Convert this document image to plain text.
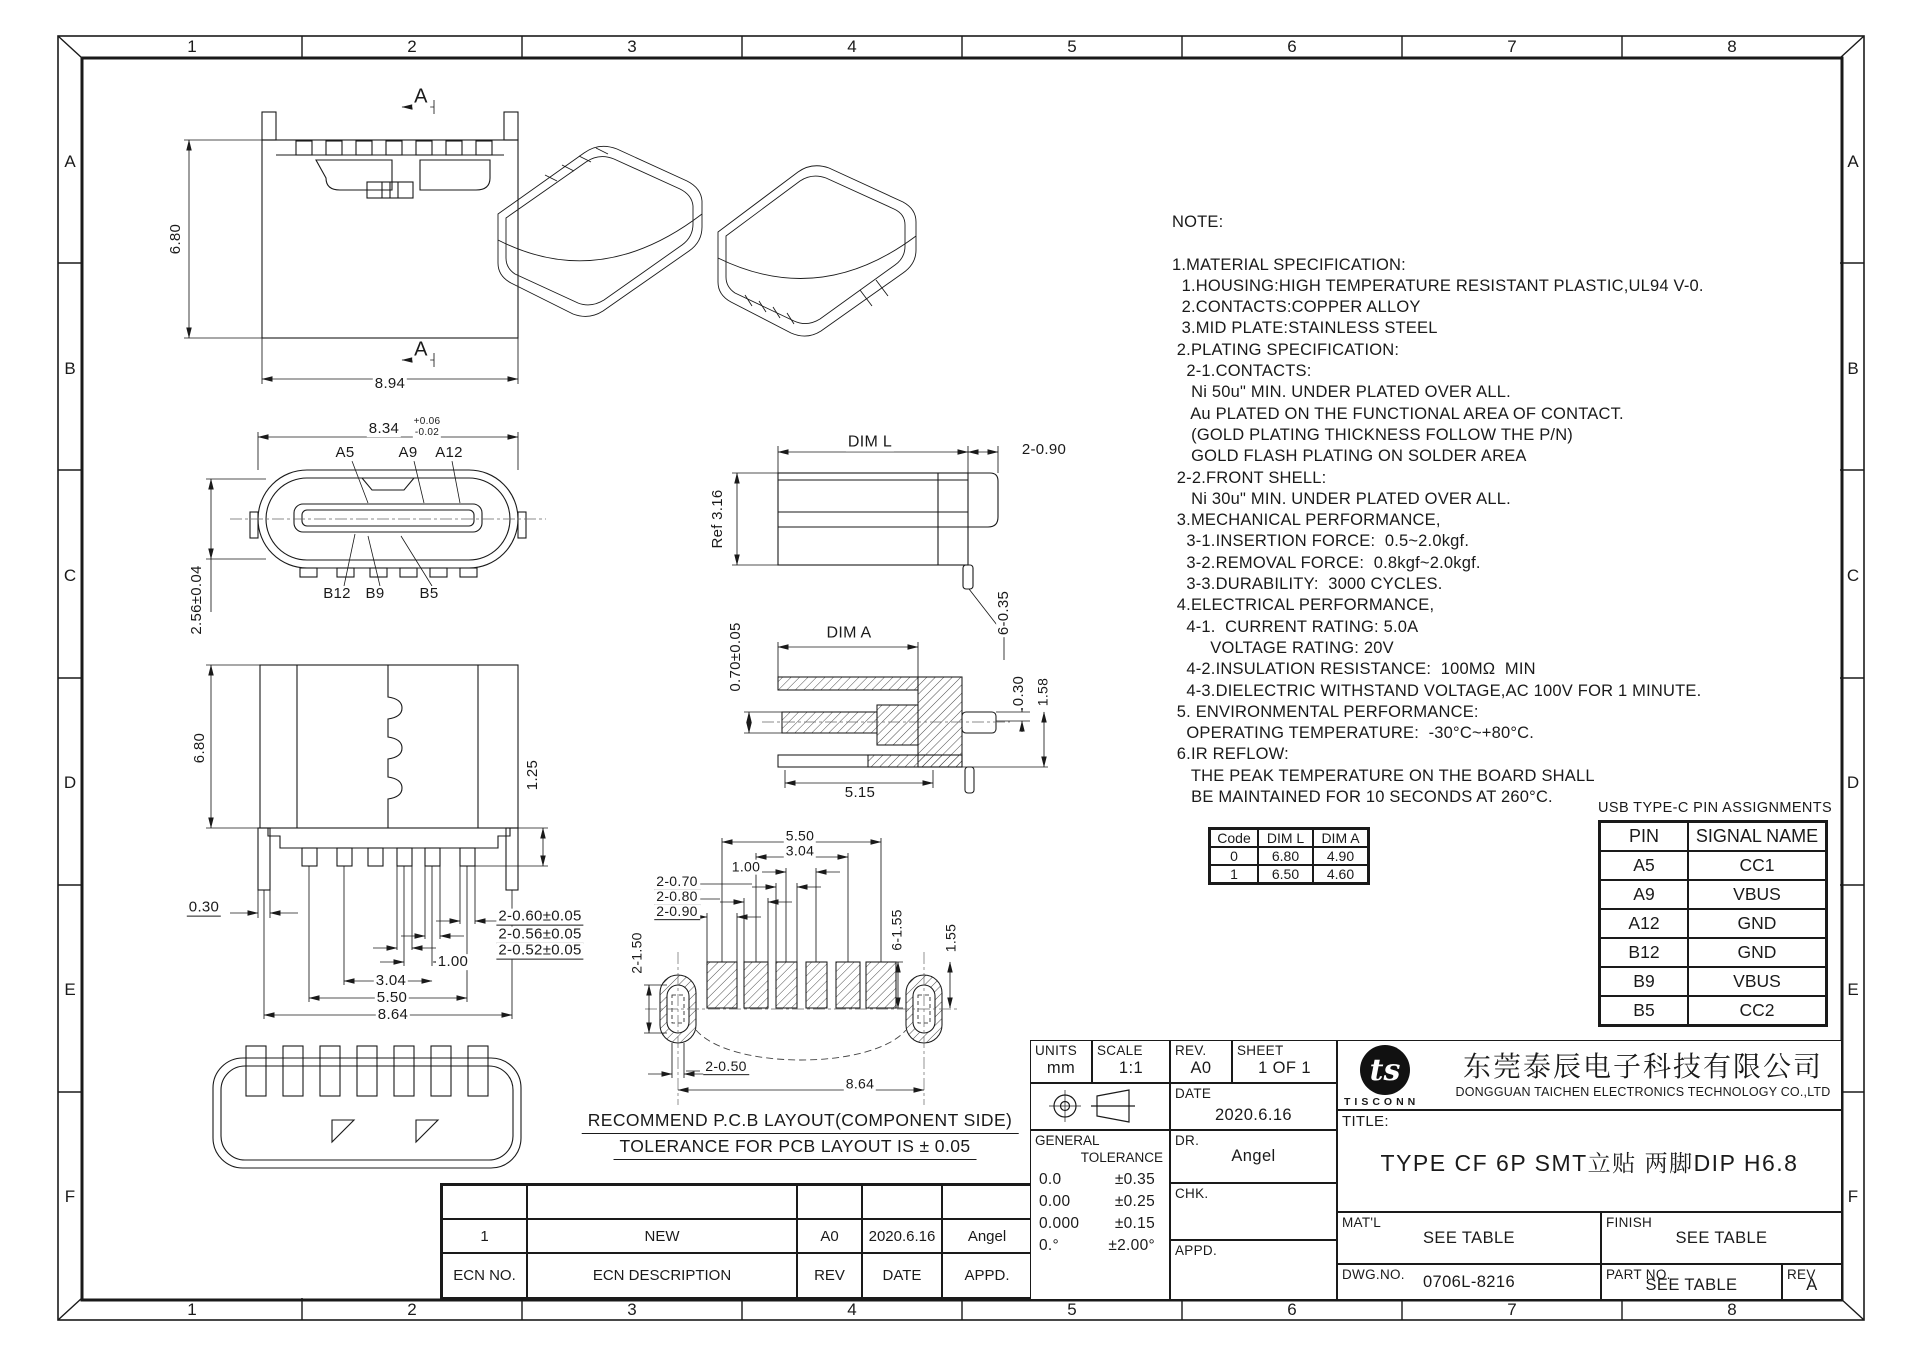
1
1
2
2
3
3
4
4
5
5
6
6
7
7
8
8
A	A
B	B
C	C
D	D
E	E
F	F
NOTE:

1.MATERIAL SPECIFICATION:
1.HOUSING:HIGH TEMPERATURE RESISTANT PLASTIC,UL94 V-0.
2.CONTACTS:COPPER ALLOY
3.MID PLATE:STAINLESS STEEL
2.PLATING SPECIFICATION:
2-1.CONTACTS:
Ni 50u" MIN. UNDER PLATED OVER ALL.
Au PLATED ON THE FUNCTIONAL AREA OF CONTACT.
(GOLD PLATING THICKNESS FOLLOW THE P/N)
GOLD FLASH PLATING ON SOLDER AREA
2-2.FRONT SHELL:
Ni 30u" MIN. UNDER PLATED OVER ALL.
3.MECHANICAL PERFORMANCE,
3-1.INSERTION FORCE:  0.5~2.0kgf.
3-2.REMOVAL FORCE:  0.8kgf~2.0kgf.
3-3.DURABILITY:  3000 CYCLES.
4.ELECTRICAL PERFORMANCE,
4-1.  CURRENT RATING: 5.0A
VOLTAGE RATING: 20V
4-2.INSULATION RESISTANCE:  100MΩ  MIN
4-3.DIELECTRIC WITHSTAND VOLTAGE,AC 100V FOR 1 MINUTE.
5. ENVIRONMENTAL PERFORMANCE:
OPERATING TEMPERATURE:  -30°C~+80°C.
6.IR REFLOW:
THE PEAK TEMPERATURE ON THE BOARD SHALL
BE MAINTAINED FOR 10 SECONDS AT 260°C.
6.80
8.94
A
A
8.34 +0.06
-0.02
A5	A9 A12
B12 B9 B5
2.56±0.04
DIM L	2-0.90
Ref 3.16
6-0.35
DIM A
0.70±0.05	0.30 1.58
5.15
6.80
1.25
0.30
2-0.60±0.05
2-0.56±0.05
2-0.52±0.05
1.00
3.04
5.50
8.64
5.50
3.04
1.00
2-0.70
2-0.80
2-0.90
2-1.50
6-1.55	1.55
2-0.50
8.64
RECOMMEND P.C.B LAYOUT(COMPONENT SIDE)
TOLERANCE FOR PCB LAYOUT IS ± 0.05
Code	DIM L	DIM A
0	6.80	4.90
1	6.50	4.60
USB TYPE-C PIN ASSIGNMENTS
PIN	SIGNAL NAME
A5	CC1
A9	VBUS
A12	GND
B12	GND
B9	VBUS
B5	CC2
1	NEW	A0	2020.6.16	Angel
ECN NO.	ECN DESCRIPTION	REV	DATE	APPD.
UNITS
mm
SCALE
1:1
REV.
A0
SHEET
1 OF 1
DATE
2020.6.16
GENERAL
TOLERANCE
0.0	±0.35
0.00	±0.25
0.000 ±0.15
0.°	±2.00°
DR.
Angel
CHK.
APPD.
ts
TISCONN
东莞泰辰电子科技有限公司
DONGGUAN TAICHEN ELECTRONICS TECHNOLOGY CO.,LTD
TITLE:
TYPE CF 6P SMT立贴 两脚DIP H6.8
MAT'L
SEE TABLE
FINISH
SEE TABLE
DWG.NO.	0706L-8216	PART NO.
SEE TABLE
REV
A
